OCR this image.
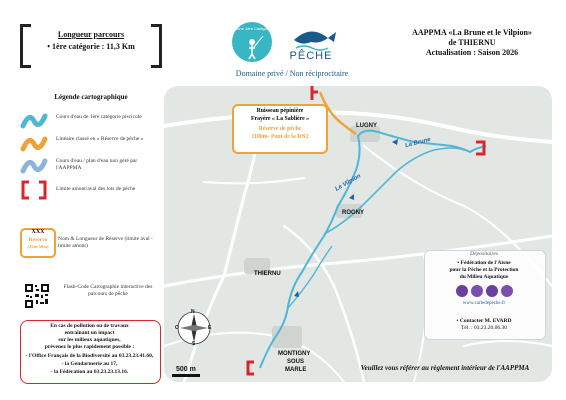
Longueur parcours
• 1ère catégorie : 11,3 Km
Pêche 1ère Catégorie
PÊCHE
Domaine privé / Non réciprocitaire
AAPPMA «La Brune et le Vilpion»
de THIERNU
Actualisation : Saison 2026
Légende cartographique
Cours d'eau de 1ère catégorie piscicole
Linéaire classé en « Réserve de pêche »
Cours d'eau / plan d'eau non géré par l'AAPPMA
Limite amont/aval des lots de pêche
XXX
Réserve
(25m-50m)
Nom & Longueur de Réserve (limite aval - limite amont)
Flash-Code Cartographie interactive des parcours de pêche
En cas de pollution ou de travaux
entraînant un impact
sur les milieux aquatiques,
prévenez le plus rapidement possible :
- l'Office Français de la Biodiversité au 03.23.23.41.60,
- la Gendarmerie au 17,
- la Fédération au 03.23.23.13.16.
N
S
E
O
500 m
LUGNY
ROGNY
THIERNU
MONTIGNY
SOUS
MARLE
La Brune
Le Vilpion
Ruisseau pépinière
Frayère « La Sablière »
Réserve de pêche
1100m- Pont de la RN2
Dépositaires
• Fédération de l'Aisne
pour la Pêche et la Protection
du Milieu Aquatique
www.cartedepeche.fr
• Contacter M. EVARD
Tél. : 03.23.20.06.30
Veuillez vous référer au règlement intérieur de l'AAPPMA
